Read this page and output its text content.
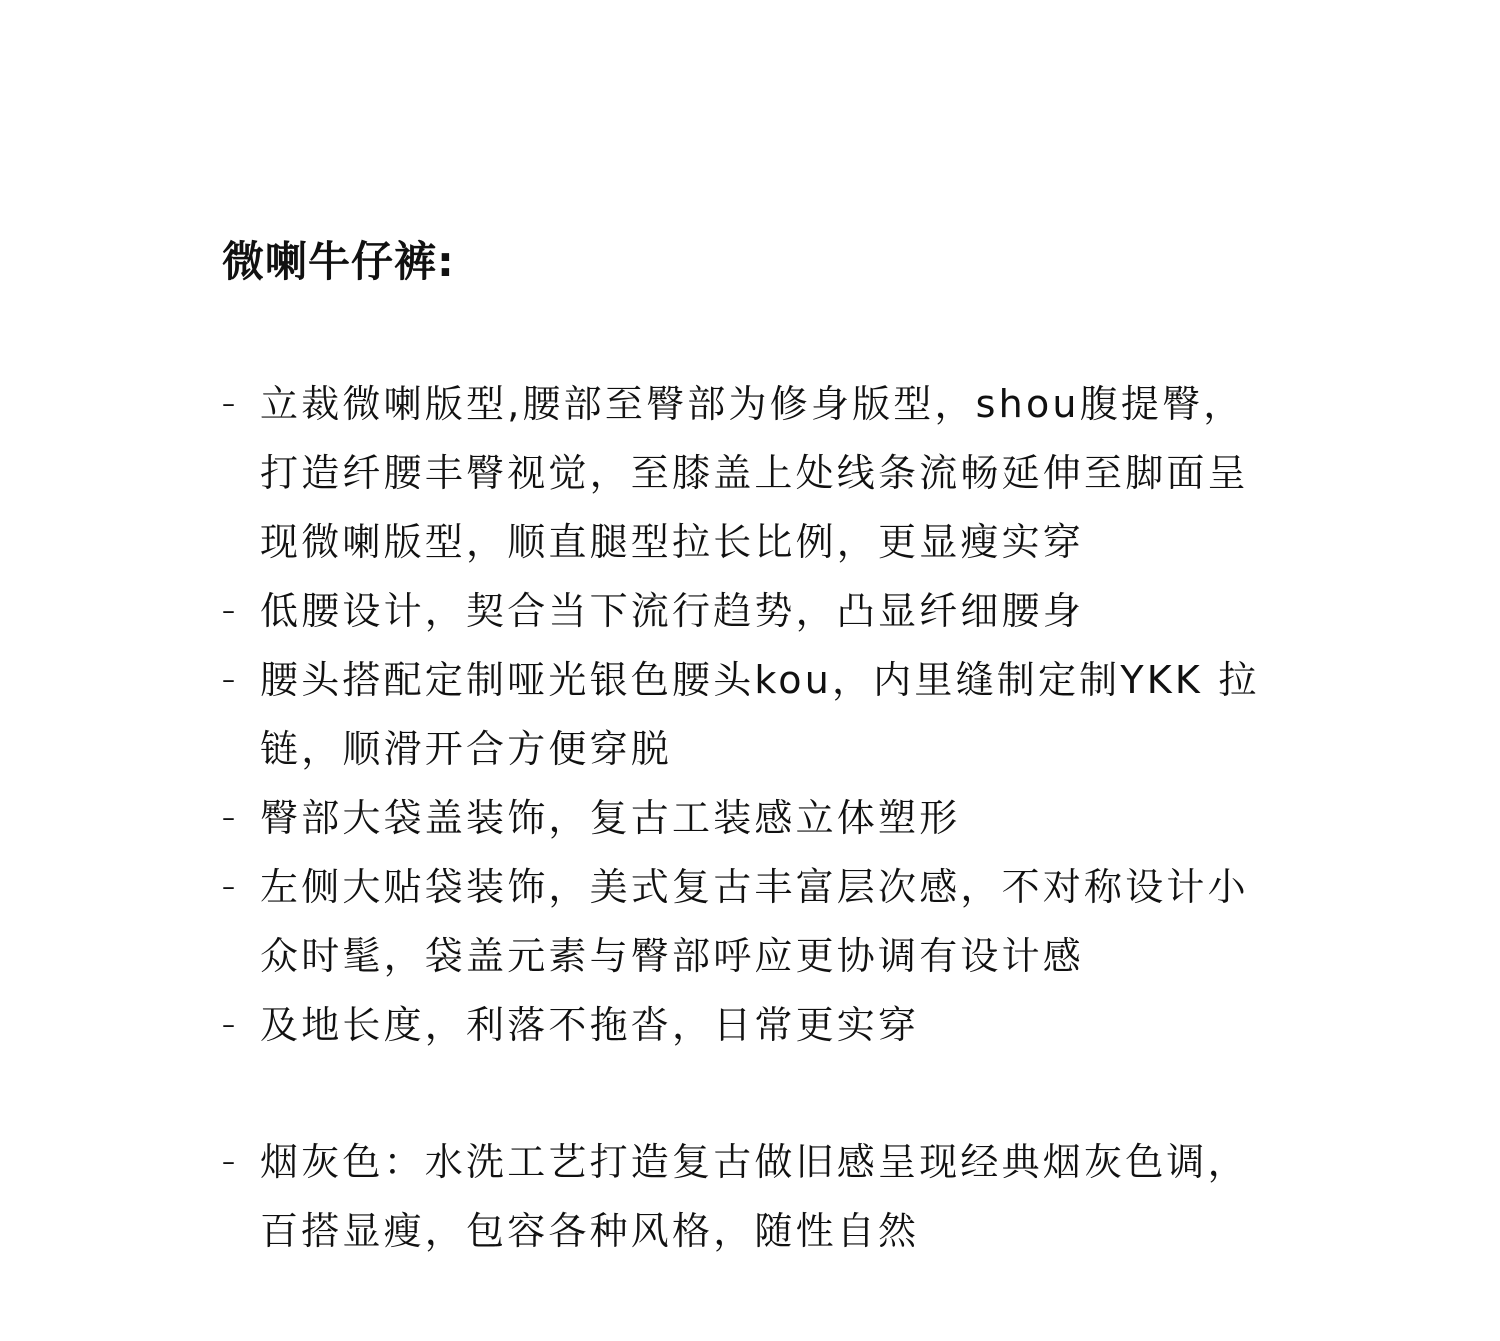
微喇牛仔裤:
– 立裁微喇版型,腰部至臀部为修身版型，shou腹提臀，打造纤腰丰臀视觉，至膝盖上处线条流畅延伸至脚面呈现微喇版型，顺直腿型拉长比例，更显瘦实穿
– 低腰设计，契合当下流行趋势，凸显纤细腰身
– 腰头搭配定制哑光银色腰头kou，内里缝制定制YKK 拉链，顺滑开合方便穿脱
– 臀部大袋盖装饰，复古工装感立体塑形
– 左侧大贴袋装饰，美式复古丰富层次感，不对称设计小众时髦，袋盖元素与臀部呼应更协调有设计感
– 及地长度，利落不拖沓，日常更实穿
– 烟灰色：水洗工艺打造复古做旧感呈现经典烟灰色调，百搭显瘦，包容各种风格，随性自然
